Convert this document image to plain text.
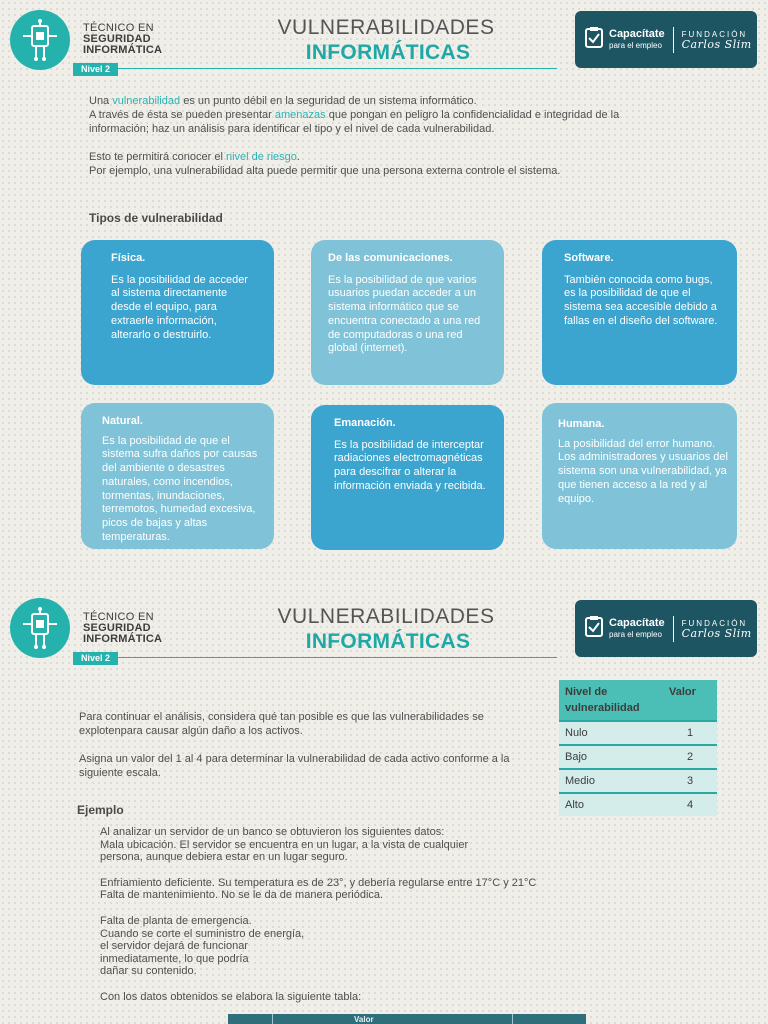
TÉCNICO EN
SEGURIDAD
INFORMÁTICA
Nivel 2
VULNERABILIDADES
INFORMÁTICAS
Capacítate
para el empleo
FUNDACIÓN
Carlos Slim
Una vulnerabilidad es un punto débil en la seguridad de un sistema informático.
A través de ésta se pueden presentar amenazas que pongan en peligro la confidencialidad e integridad de la información; haz un análisis para identificar el tipo y el nivel de cada vulnerabilidad.
Esto te permitirá conocer el nivel de riesgo.
Por ejemplo, una vulnerabilidad alta puede permitir que una persona externa controle el sistema.
Tipos de vulnerabilidad
Física.
Es la posibilidad de acceder al sistema directamente desde el equipo, para extraerle información, alterarlo o destruirlo.
De las comunicaciones.
Es la posibilidad de que varios usuarios puedan acceder a un sistema informático que se encuentra conectado a una red de computadoras o una red global (internet).
Software.
También conocida como bugs, es la posibilidad de que el sistema sea accesible debido a fallas en el diseño del software.
Natural.
Es la posibilidad de que el sistema sufra daños por causas del ambiente o desastres naturales, como incendios, tormentas, inundaciones, terremotos, humedad excesiva, picos de bajas y altas temperaturas.
Emanación.
Es la posibilidad de interceptar radiaciones electromagnéticas para descifrar o alterar la información enviada y recibida.
Humana.
La posibilidad del error humano. Los administradores y usuarios del sistema son una vulnerabilidad, ya que tienen acceso a la red y al equipo.
TÉCNICO EN
SEGURIDAD
INFORMÁTICA
Nivel 2
VULNERABILIDADES
INFORMÁTICAS
Capacítate
para el empleo
FUNDACIÓN
Carlos Slim
Para continuar el análisis, considera qué tan posible es que las vulnerabilidades se explotenpara causar algún daño a los activos.
Asigna un valor del 1 al 4 para determinar la vulnerabilidad de cada activo conforme a la siguiente escala.
Nivel de vulnerabilidad	Valor
Nulo	1
Bajo	2
Medio	3
Alto	4
Ejemplo
Al analizar un servidor de un banco se obtuvieron los siguientes datos:
Mala ubicación. El servidor se encuentra en un lugar, a la vista de cualquier persona, aunque debiera estar en un lugar seguro.
Enfriamiento deficiente. Su temperatura es de 23°, y debería regularse entre 17°C y 21°C
Falta de mantenimiento. No se le da de manera periódica.
Falta de planta de emergencia.
Cuando se corte el suministro de energía,
el servidor dejará de funcionar
inmediatamente, lo que podría
dañar su contenido.
Con los datos obtenidos se elabora la siguiente tabla:
Valor
